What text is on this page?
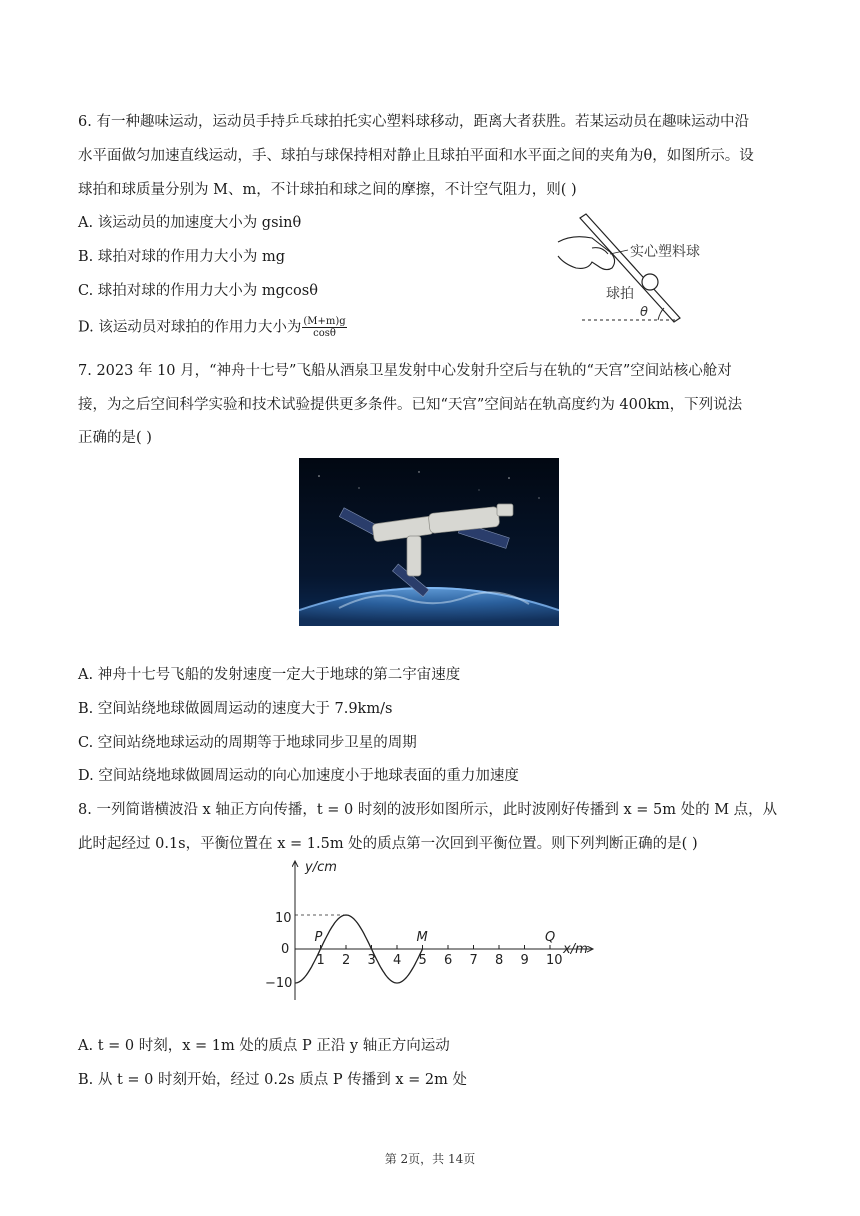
6. 有一种趣味运动，运动员手持乒乓球拍托实心塑料球移动，距离大者获胜。若某运动员在趣味运动中沿
水平面做匀加速直线运动，手、球拍与球保持相对静止且球拍平面和水平面之间的夹角为θ，如图所示。设
球拍和球质量分别为 M、m，不计球拍和球之间的摩擦，不计空气阻力，则( )
A. 该运动员的加速度大小为 gsinθ
B. 球拍对球的作用力大小为 mg
C. 球拍对球的作用力大小为 mgcosθ
D. 该运动员对球拍的作用力大小为 $\frac{(M+m)g}{\cos\theta}$
实心塑料球
球拍
θ
7. 2023 年 10 月，“神舟十七号”飞船从酒泉卫星发射中心发射升空后与在轨的“天宫”空间站核心舱对
接，为之后空间科学实验和技术试验提供更多条件。已知“天宫”空间站在轨高度约为 400km，下列说法
正确的是( )
A. 神舟十七号飞船的发射速度一定大于地球的第二宇宙速度
B. 空间站绕地球做圆周运动的速度大于 7.9km/s
C. 空间站绕地球运动的周期等于地球同步卫星的周期
D. 空间站绕地球做圆周运动的向心加速度小于地球表面的重力加速度
8. 一列简谐横波沿 x 轴正方向传播，t = 0 时刻的波形如图所示，此时波刚好传播到 x = 5m 处的 M 点，从
此时起经过 0.1s，平衡位置在 x = 1.5m 处的质点第一次回到平衡位置。则下列判断正确的是( )
y/cm
x/m
10
0
−10
1 2 3 4 5 6 7 8 9 10
P	M	Q
A. t = 0 时刻，x = 1m 处的质点 P 正沿 y 轴正方向运动
B. 从 t = 0 时刻开始，经过 0.2s 质点 P 传播到 x = 2m 处
第 2页，共 14页
